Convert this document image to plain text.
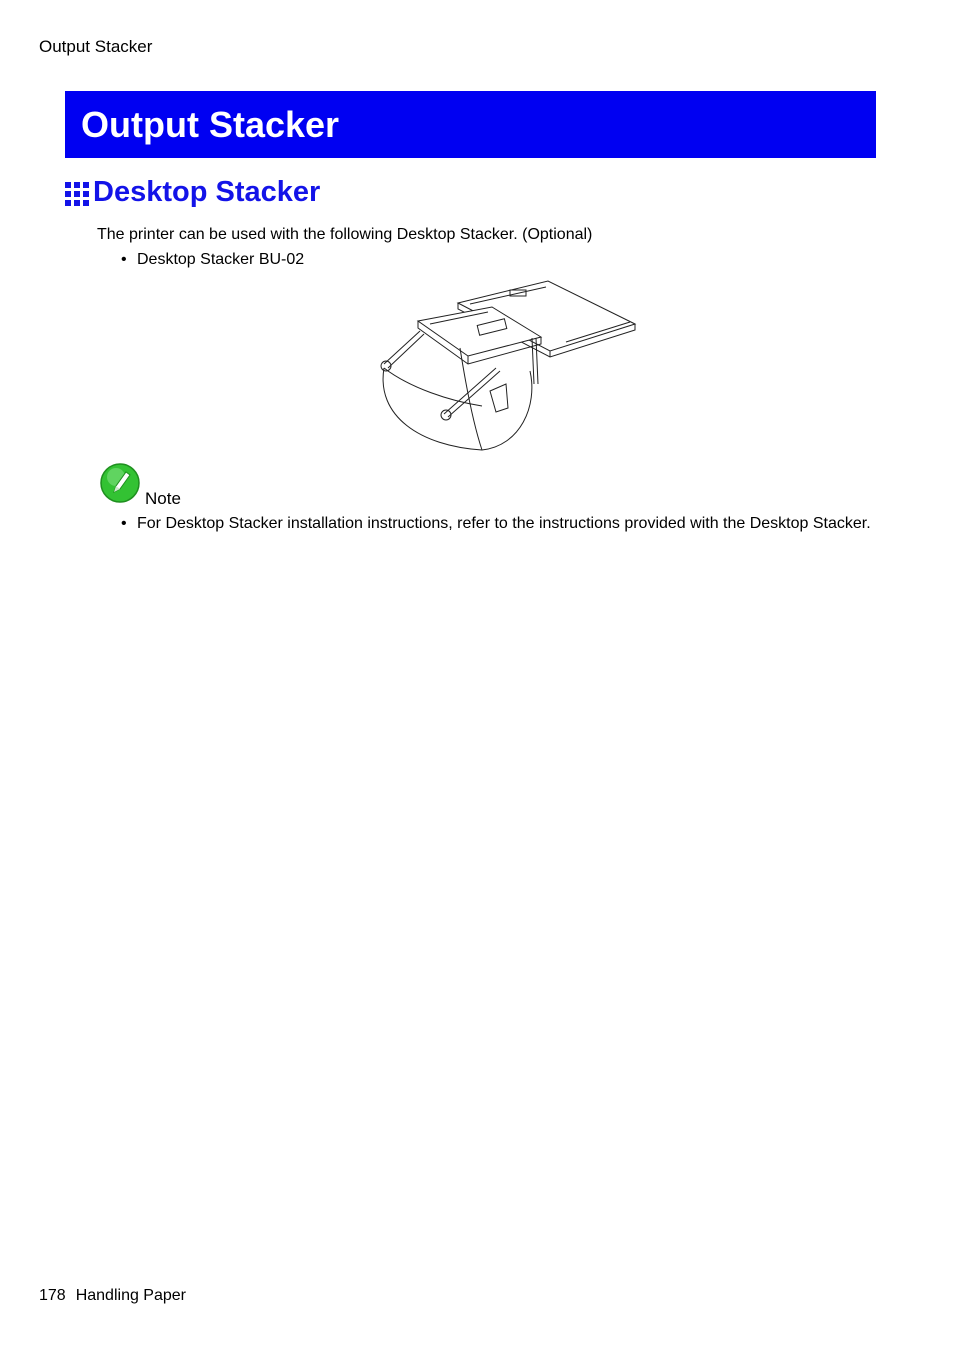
Output Stacker
Output Stacker
Desktop Stacker
The printer can be used with the following Desktop Stacker. (Optional)
• Desktop Stacker BU-02
Note
• For Desktop Stacker installation instructions, refer to the instructions provided with the Desktop Stacker.
178 Handling Paper
